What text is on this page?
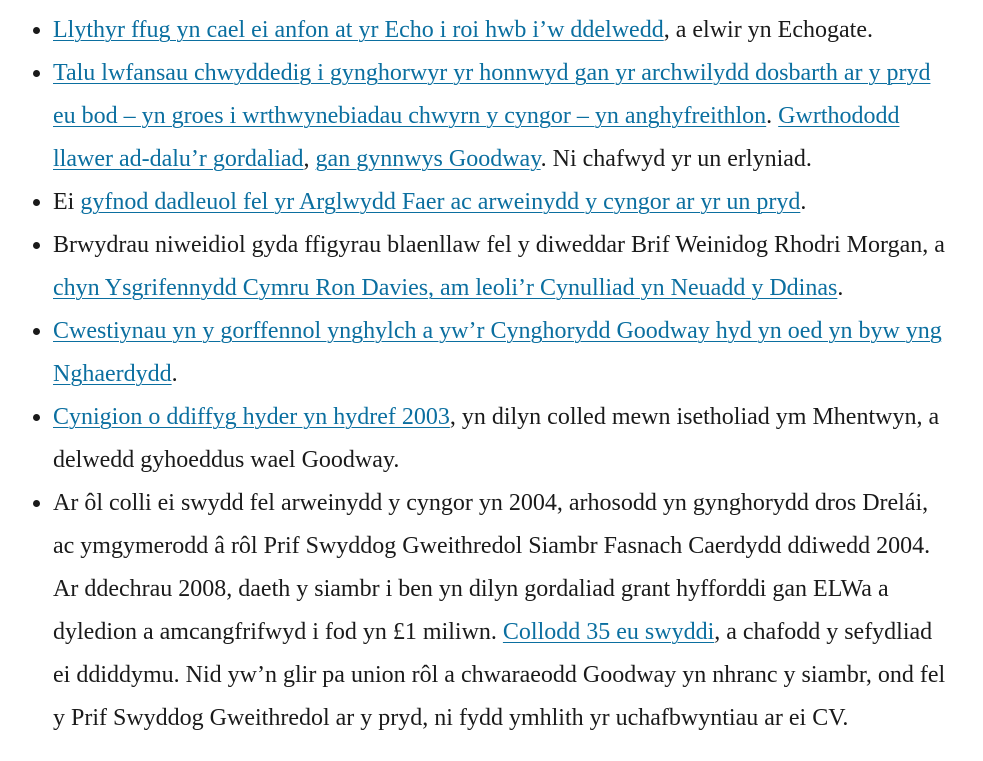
• Llythyr ffug yn cael ei anfon at yr Echo i roi hwb i’w ddelwedd, a elwir yn Echogate.
• Talu lwfansau chwyddedig i gynghorwyr yr honnwyd gan yr archwilydd dosbarth ar y pryd eu bod – yn groes i wrthwynebiadau chwyrn y cyngor – yn anghyfreithlon. Gwrthododd llawer ad-dalu’r gordaliad, gan gynnwys Goodway. Ni chafwyd yr un erlyniad.
• Ei gyfnod dadleuol fel yr Arglwydd Faer ac arweinydd y cyngor ar yr un pryd.
• Brwydrau niweidiol gyda ffigyrau blaenllaw fel y diweddar Brif Weinidog Rhodri Morgan, a chyn Ysgrifennydd Cymru Ron Davies, am leoli’r Cynulliad yn Neuadd y Ddinas.
• Cwestiynau yn y gorffennol ynghylch a yw’r Cynghorydd Goodway hyd yn oed yn byw yng Nghaerdydd.
• Cynigion o ddiffyg hyder yn hydref 2003, yn dilyn colled mewn isetholiad ym Mhentwyn, a delwedd gyhoeddus wael Goodway.
• Ar ôl colli ei swydd fel arweinydd y cyngor yn 2004, arhosodd yn gynghorydd dros Drelái, ac ymgymerodd â rôl Prif Swyddog Gweithredol Siambr Fasnach Caerdydd ddiwedd 2004. Ar ddechrau 2008, daeth y siambr i ben yn dilyn gordaliad grant hyfforddi gan ELWa a dyledion a amcangfrifwyd i fod yn £1 miliwn. Collodd 35 eu swyddi, a chafodd y sefydliad ei ddiddymu. Nid yw’n glir pa union rôl a chwaraeodd Goodway yn nhranc y siambr, ond fel y Prif Swyddog Gweithredol ar y pryd, ni fydd ymhlith yr uchafbwyntiau ar ei CV.
